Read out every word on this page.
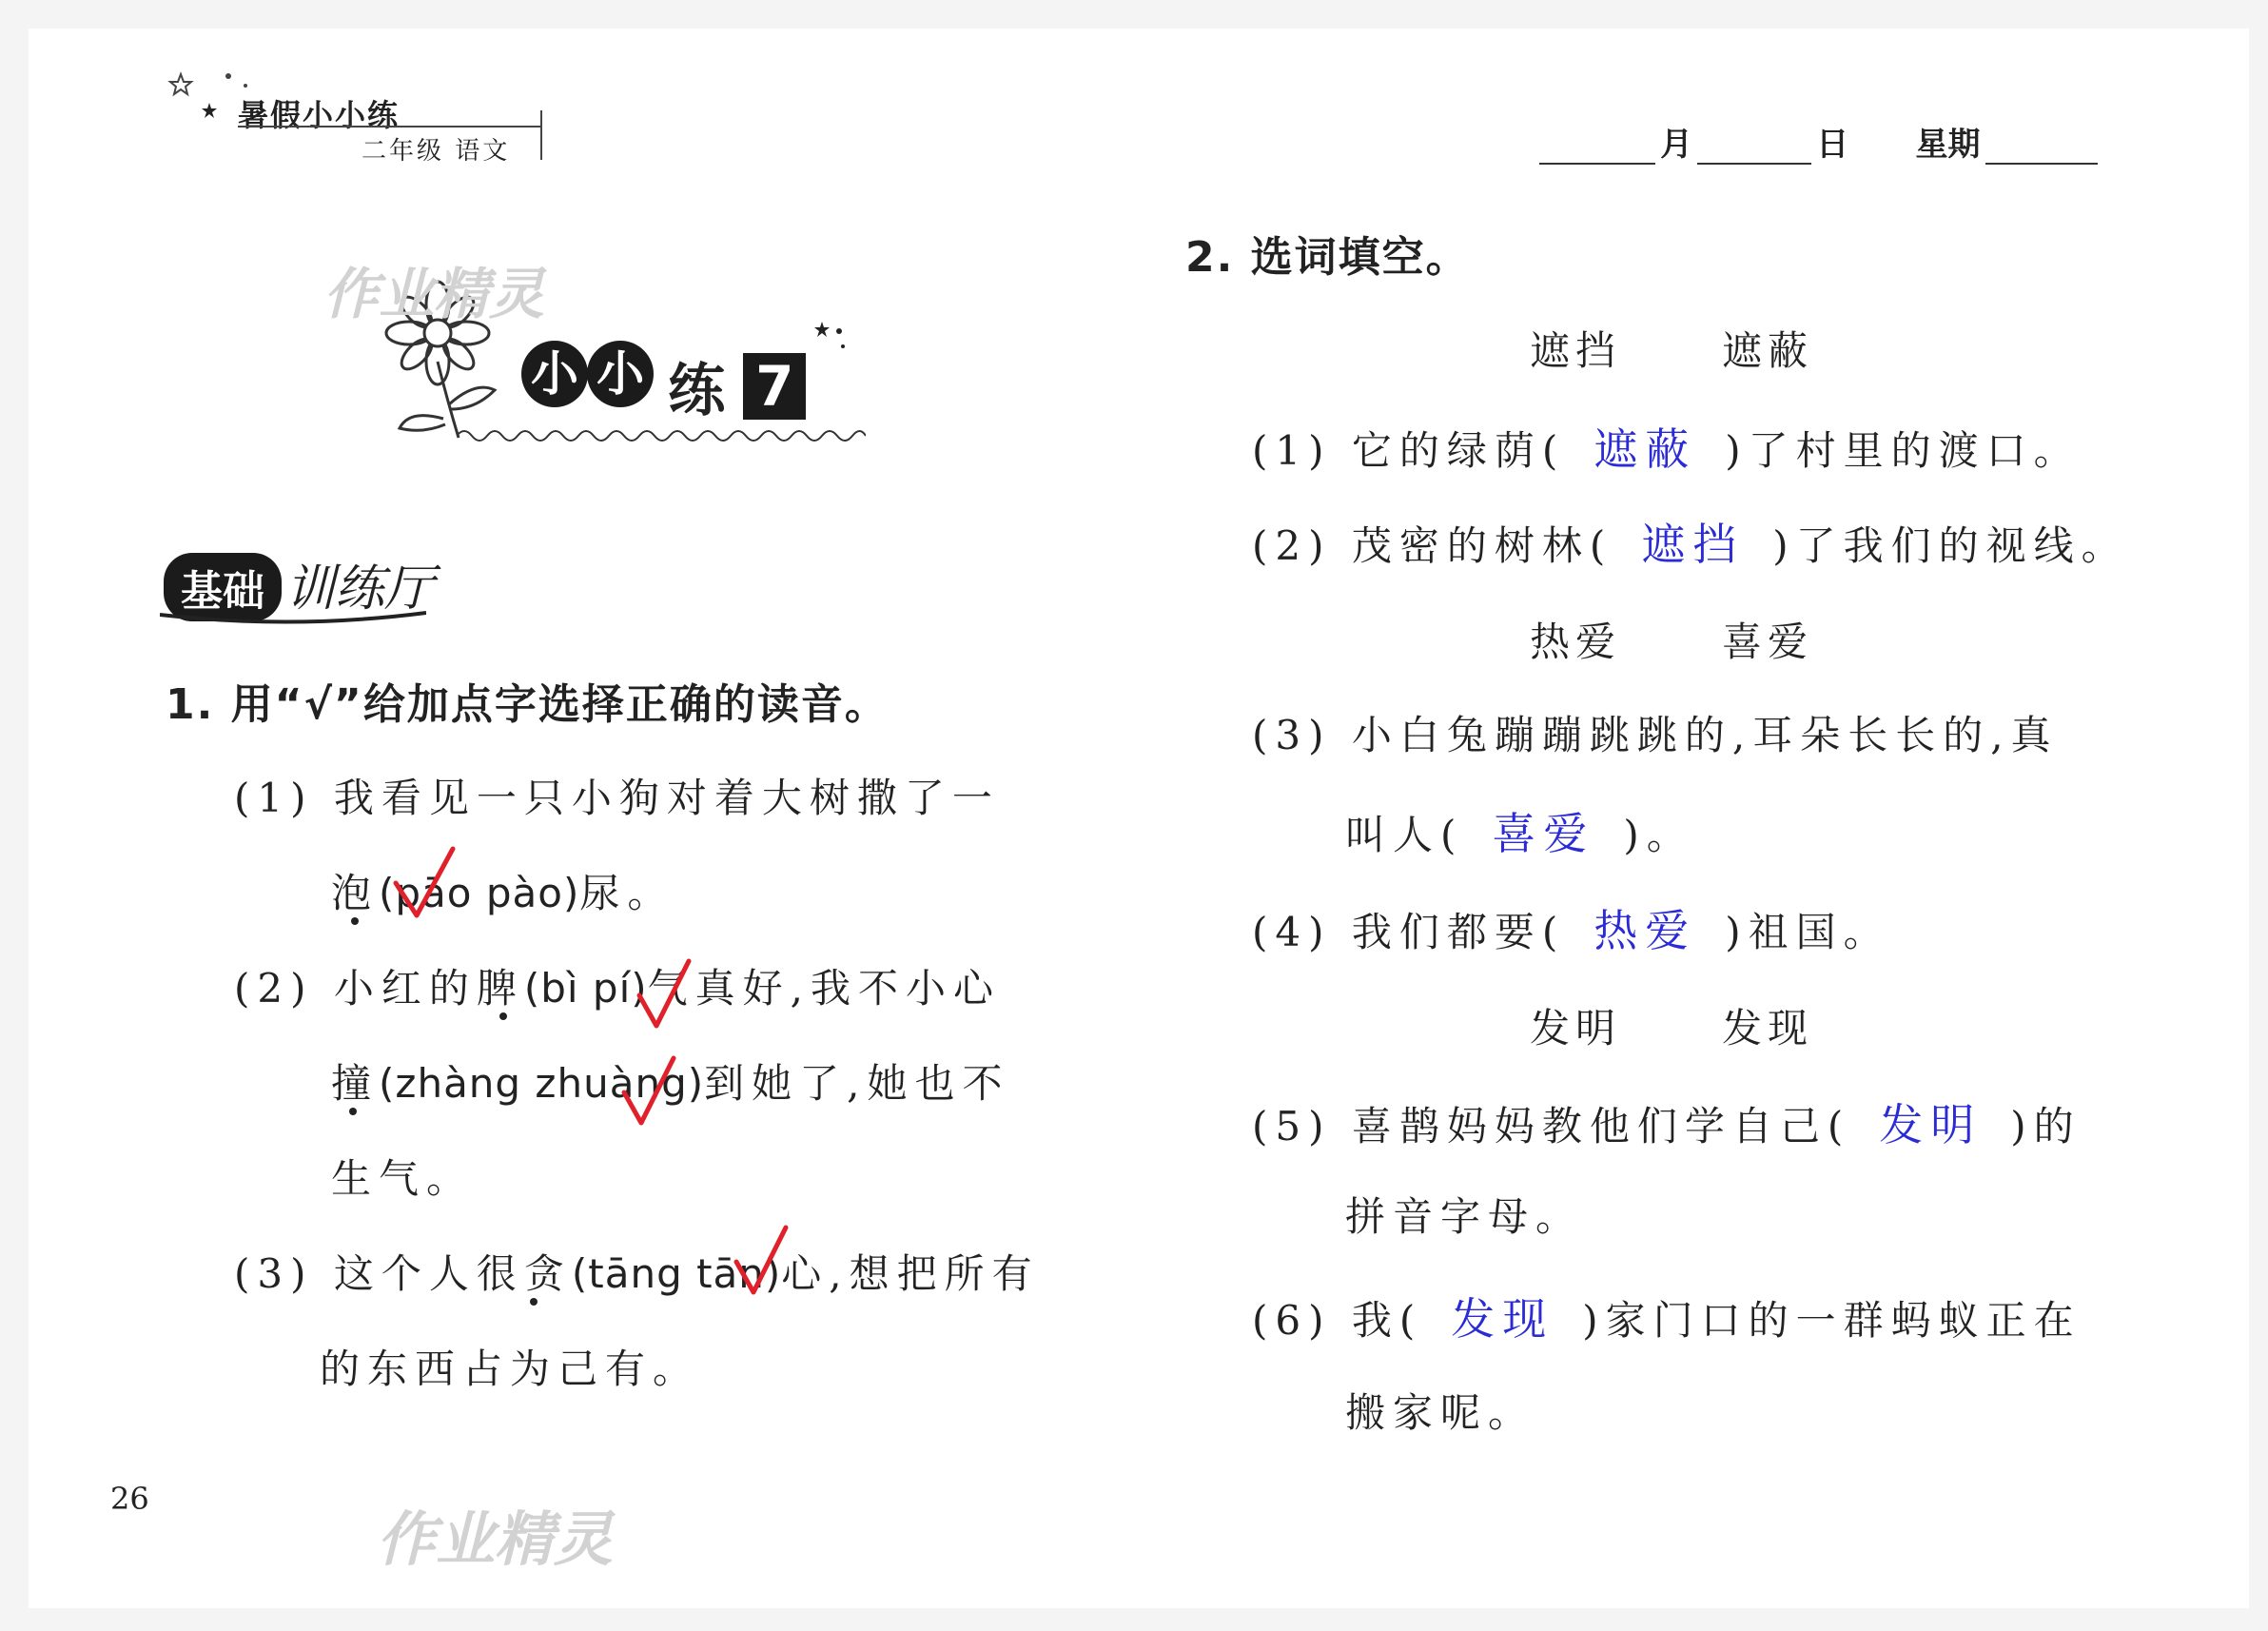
暑假小小练
二年级 语文	月	日 星期
作业精灵
小 小 练 7
基础 训练厅
1. 用“√”给加点字选择正确的读音。
(1) 我看见一只小狗对着大树撒了一
泡(pāo pào)尿。
(2) 小红的脾(bì pí)气真好,我不小心
撞(zhàng zhuàng)到她了,她也不
生气。
(3) 这个人很贪(tāng tān)心,想把所有
的东西占为己有。
2. 选词填空。
遮挡	遮蔽
(1) 它的绿荫( 遮蔽 )了村里的渡口。
(2) 茂密的树林( 遮挡 )了我们的视线。
热爱	喜爱
(3) 小白兔蹦蹦跳跳的,耳朵长长的,真
叫人( 喜爱 )。
(4) 我们都要( 热爱 )祖国。
发明	发现
(5) 喜鹊妈妈教他们学自己( 发明 )的
拼音字母。
(6) 我( 发现 )家门口的一群蚂蚁正在
搬家呢。
26
作业精灵
